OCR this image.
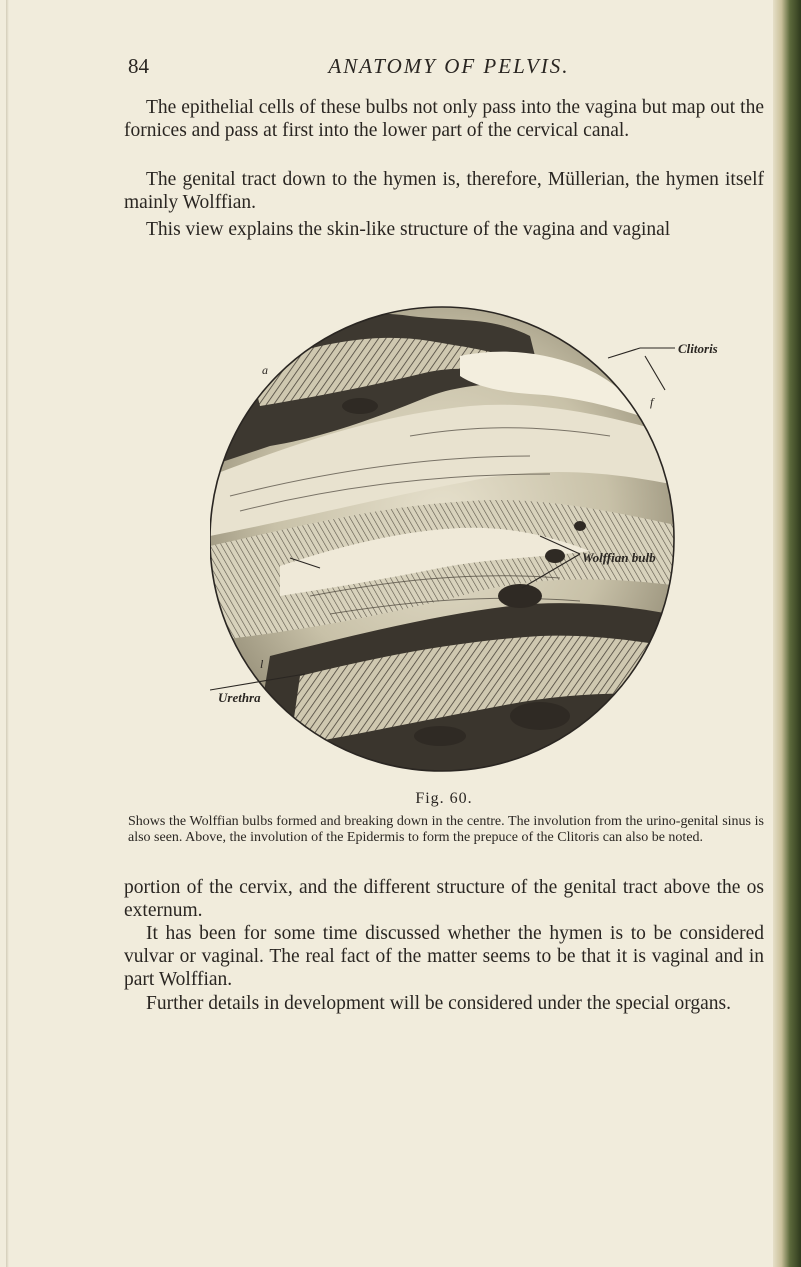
84	ANATOMY OF PELVIS.

The epithelial cells of these bulbs not only pass into the vagina but map out the fornices and pass at first into the lower part of the cervical canal.

The genital tract down to the hymen is, therefore, Müllerian, the hymen itself mainly Wolffian.

This view explains the skin-like structure of the vagina and vaginal

Clitoris
Wolffian bulb
Urethra
a
f
l
Fig. 60.

Shows the Wolffian bulbs formed and breaking down in the centre. The involution from the urino-genital sinus is also seen. Above, the involution of the Epidermis to form the prepuce of the Clitoris can also be noted.

portion of the cervix, and the different structure of the genital tract above the os externum.

It has been for some time discussed whether the hymen is to be considered vulvar or vaginal. The real fact of the matter seems to be that it is vaginal and in part Wolffian.

Further details in development will be considered under the special organs.
